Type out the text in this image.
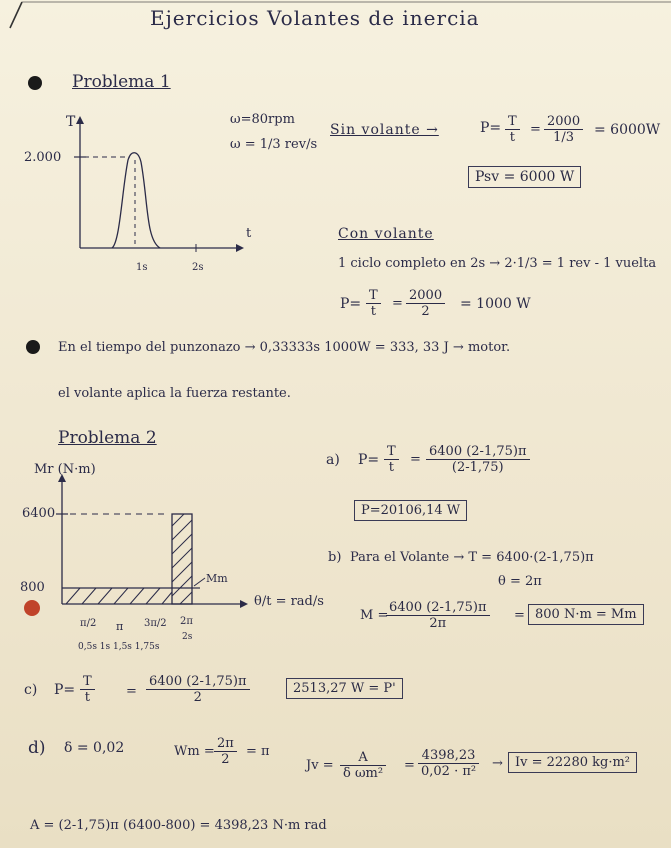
Ejercicios Volantes de inercia
Problema 1
ω=80rpm
ω = 1/3 rev/s
T
t
2.000
1s	2s
Sin volante →	$P= \frac{T}{t} = \frac{2000}{1/3} = 6000W$
Psv = 6000 W
Con volante
1 ciclo completo en 2s → 2·1/3 = 1 rev - 1 vuelta
$P= \frac{T}{t} = \frac{2000}{2} = 1000$ W
En el tiempo del punzonazo → 0,33333s 1000W = 333, 33 J → motor.
el volante aplica la fuerza restante.
Problema 2
Mr (N·m)
6400
800
Mm
θ/t = rad/s
π/2 π 3π/2 2π
2s
0,5s 1s 1,5s 1,75s
a) $P= \frac{T}{t} = \frac{6400 (2-1,75)\pi}{(2-1,75)}$
P=20106,14 W
b) Para el Volante → T = 6400·(2-1,75)π
θ = 2π
M =
$\frac{6400 (2-1,75)\pi}{2\pi} = 800$ N·m = Mm
c) $P= \frac{T}{t} = \frac{6400 (2-1,75)\pi}{2}$	2513,27 W = P'
d) δ = 0,02	$Wm = \frac{2\pi}{2} = \pi$
$Jv = \frac{A}{\text{δ ωm²}} = \frac{4398,23}{\text{0,02 · π²}} \to Iv = 22280$ kg·m²
A = (2-1,75)π (6400-800) = 4398,23 N·m rad
